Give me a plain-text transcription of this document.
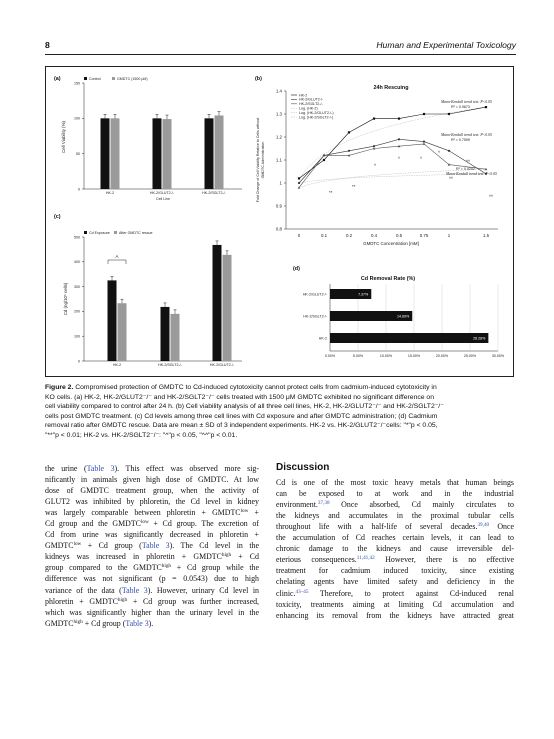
8	Human and Experimental Toxicology
(a)	Control	GMDTC (1500 μM)
0
50
100
150
HK-2	HK-2/GLUT2-/-	HK-2/SGLT2-/-
Cell Line
Cell Viability (%)
(b)
24h Rescuing
0.8
0.9
1
1.1
1.2
1.3
1.4
0	0.1	0.2	0.4	0.5	0.75	1	1.5
HK-2
HK-2/GLUT2-/-
HK-2/SGLT2-/-
Log. (HK-2)
Log. (HK-2/GLUT2-/-)
Log. (HK-2/SGLT2-/-)
GMDTC Concentration [mM]
Fold Change of Cell Viability Relative to Cells without GMDTC Administration
Mann-Kendall trend test: P<0.05
R² = 0.9673
Mann-Kendall trend test: P<0.05
R² = 0.7599
R² = 0.0242
Mann-Kendall trend test: P<0.05
**
**
^
^	^
^
^^
^^
^^
(c)
Cd Exposure	After GMDTC rescue
0
100
200
300
400
500
HK-2	HK-2/SGLT2-/-	HK-2/GLUT2-/-
A
Cd (ng/10⁶ cells)
(d)
Cd Removal Rate (%)
0.00%	5.00%	10.00%	15.00%	20.00%	25.00%	30.00%
7.37%
HK-2/GLUT2-/-
14.69%
HK-2/SGLT2-/-
28.28%
HK-2
Figure 2. Compromised protection of GMDTC to Cd-induced cytotoxicity cannot protect cells from cadmium-induced cytotoxicity in
KO cells. (a) HK-2, HK-2/GLUT2⁻/⁻ and HK-2/SGLT2⁻/⁻ cells treated with 1500 μM GMDTC exhibited no significant difference on
cell viability compared to control after 24 h. (b) Cell viability analysis of all three cell lines, HK-2, HK-2/GLUT2⁻/⁻ and HK-2/SGLT2⁻/⁻
cells post GMDTC treatment. (c) Cd levels among three cell lines with Cd exposure and after GMDTC administration; (d) Cadmium
removal ratio after GMDTC rescue. Data are mean ± SD of 3 independent experiments. HK-2 vs. HK-2/GLUT2⁻/⁻cells: "*"p < 0.05,
"**"p < 0.01; HK-2 vs. HK-2/SGLT2⁻/⁻: "^"p < 0.05, "^^"p < 0.01.
the urine (Table 3). This effect was observed more sig-
nificantly in animals given high dose of GMDTC. At low
dose of GMDTC treatment group, when the activity of
GLUT2 was inhibited by phloretin, the Cd level in kidney
was largely comparable between phloretin + $GMDTC^{low}$ +
Cd group and the $GMDTC^{low} + Cd$ group. The excretion of
Cd from urine was significantly decreased in phloretin +
$GMDTC^{low} + Cd$ group (Table 3). The Cd level in the
kidneys was increased in phloretin + $GMDTC^{high} + Cd$
group compared to the $GMDTC^{high} + Cd$ group while the
difference was not significant (p = 0.0543) due to high
variance of the data (Table 3). However, urinary Cd level in
phloretin + $GMDTC^{high} + Cd$ group was further increased,
which was significantly higher than the urinary level in the
$GMDTC^{high} + Cd$ group (Table 3).
Discussion
Cd is one of the most toxic heavy metals that human beings
can be exposed to at work and in the industrial
environment.$^{37,38}$ Once absorbed, Cd mainly circulates to
the kidneys and accumulates in the proximal tubular cells
throughout life with a half-life of several decades.$^{39,40}$ Once
the accumulation of Cd reaches certain levels, it can lead to
chronic damage to the kidneys and cause irreversible del-
eterious consequences.$^{11,41,42}$ However, there is no effective
treatment for cadmium induced toxicity, since existing
chelating agents have limited safety and deficiency in the
clinic.$^{43-45}$ Therefore, to protect against Cd-induced renal
toxicity, treatments aiming at limiting Cd accumulation and
enhancing its removal from the kidneys have attracted great
